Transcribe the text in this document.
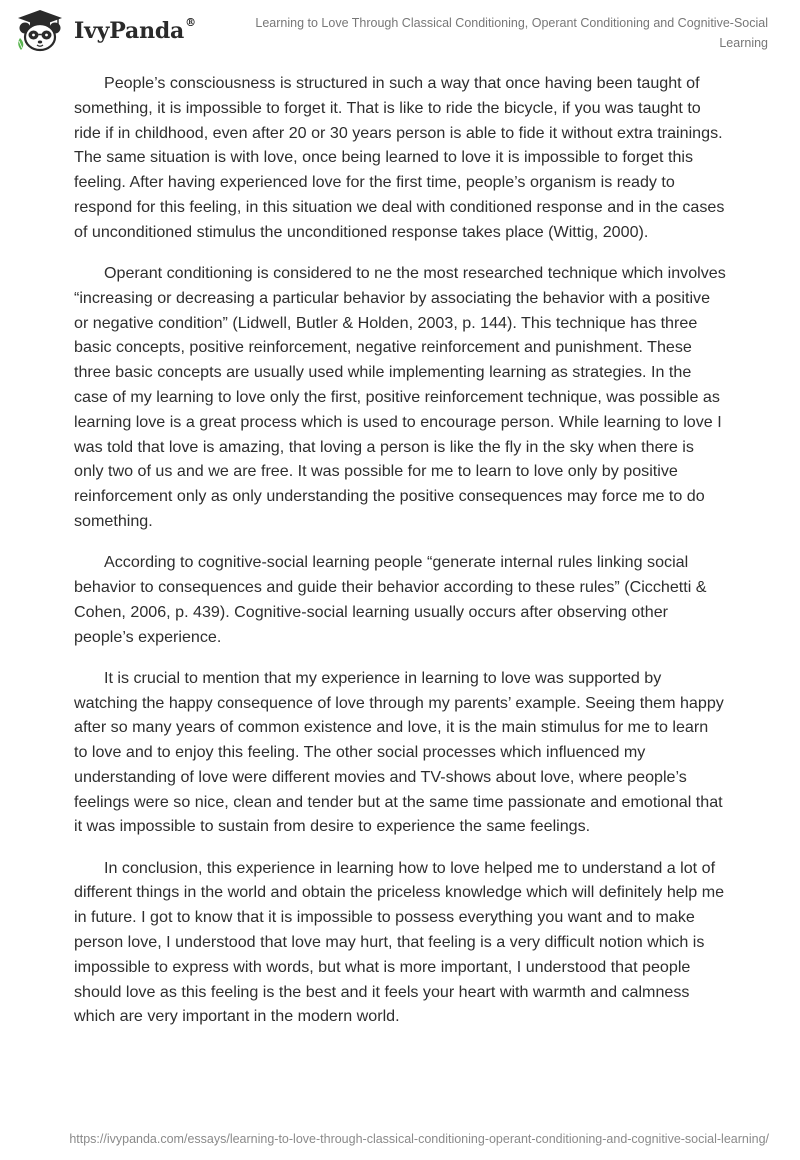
IvyPanda®	Learning to Love Through Classical Conditioning, Operant Conditioning and Cognitive-Social Learning

People’s consciousness is structured in such a way that once having been taught of something, it is impossible to forget it. That is like to ride the bicycle, if you was taught to ride if in childhood, even after 20 or 30 years person is able to fide it without extra trainings. The same situation is with love, once being learned to love it is impossible to forget this feeling. After having experienced love for the first time, people’s organism is ready to respond for this feeling, in this situation we deal with conditioned response and in the cases of unconditioned stimulus the unconditioned response takes place (Wittig, 2000).

Operant conditioning is considered to ne the most researched technique which involves “increasing or decreasing a particular behavior by associating the behavior with a positive or negative condition” (Lidwell, Butler & Holden, 2003, p. 144). This technique has three basic concepts, positive reinforcement, negative reinforcement and punishment. These three basic concepts are usually used while implementing learning as strategies. In the case of my learning to love only the first, positive reinforcement technique, was possible as learning love is a great process which is used to encourage person. While learning to love I was told that love is amazing, that loving a person is like the fly in the sky when there is only two of us and we are free. It was possible for me to learn to love only by positive reinforcement only as only understanding the positive consequences may force me to do something.

According to cognitive-social learning people “generate internal rules linking social behavior to consequences and guide their behavior according to these rules” (Cicchetti & Cohen, 2006, p. 439). Cognitive-social learning usually occurs after observing other people’s experience.

It is crucial to mention that my experience in learning to love was supported by watching the happy consequence of love through my parents’ example. Seeing them happy after so many years of common existence and love, it is the main stimulus for me to learn to love and to enjoy this feeling. The other social processes which influenced my understanding of love were different movies and TV-shows about love, where people’s feelings were so nice, clean and tender but at the same time passionate and emotional that it was impossible to sustain from desire to experience the same feelings.

In conclusion, this experience in learning how to love helped me to understand a lot of different things in the world and obtain the priceless knowledge which will definitely help me in future. I got to know that it is impossible to possess everything you want and to make person love, I understood that love may hurt, that feeling is a very difficult notion which is impossible to express with words, but what is more important, I understood that people should love as this feeling is the best and it feels your heart with warmth and calmness which are very important in the modern world.

https://ivypanda.com/essays/learning-to-love-through-classical-conditioning-operant-conditioning-and-cognitive-social-learning/
